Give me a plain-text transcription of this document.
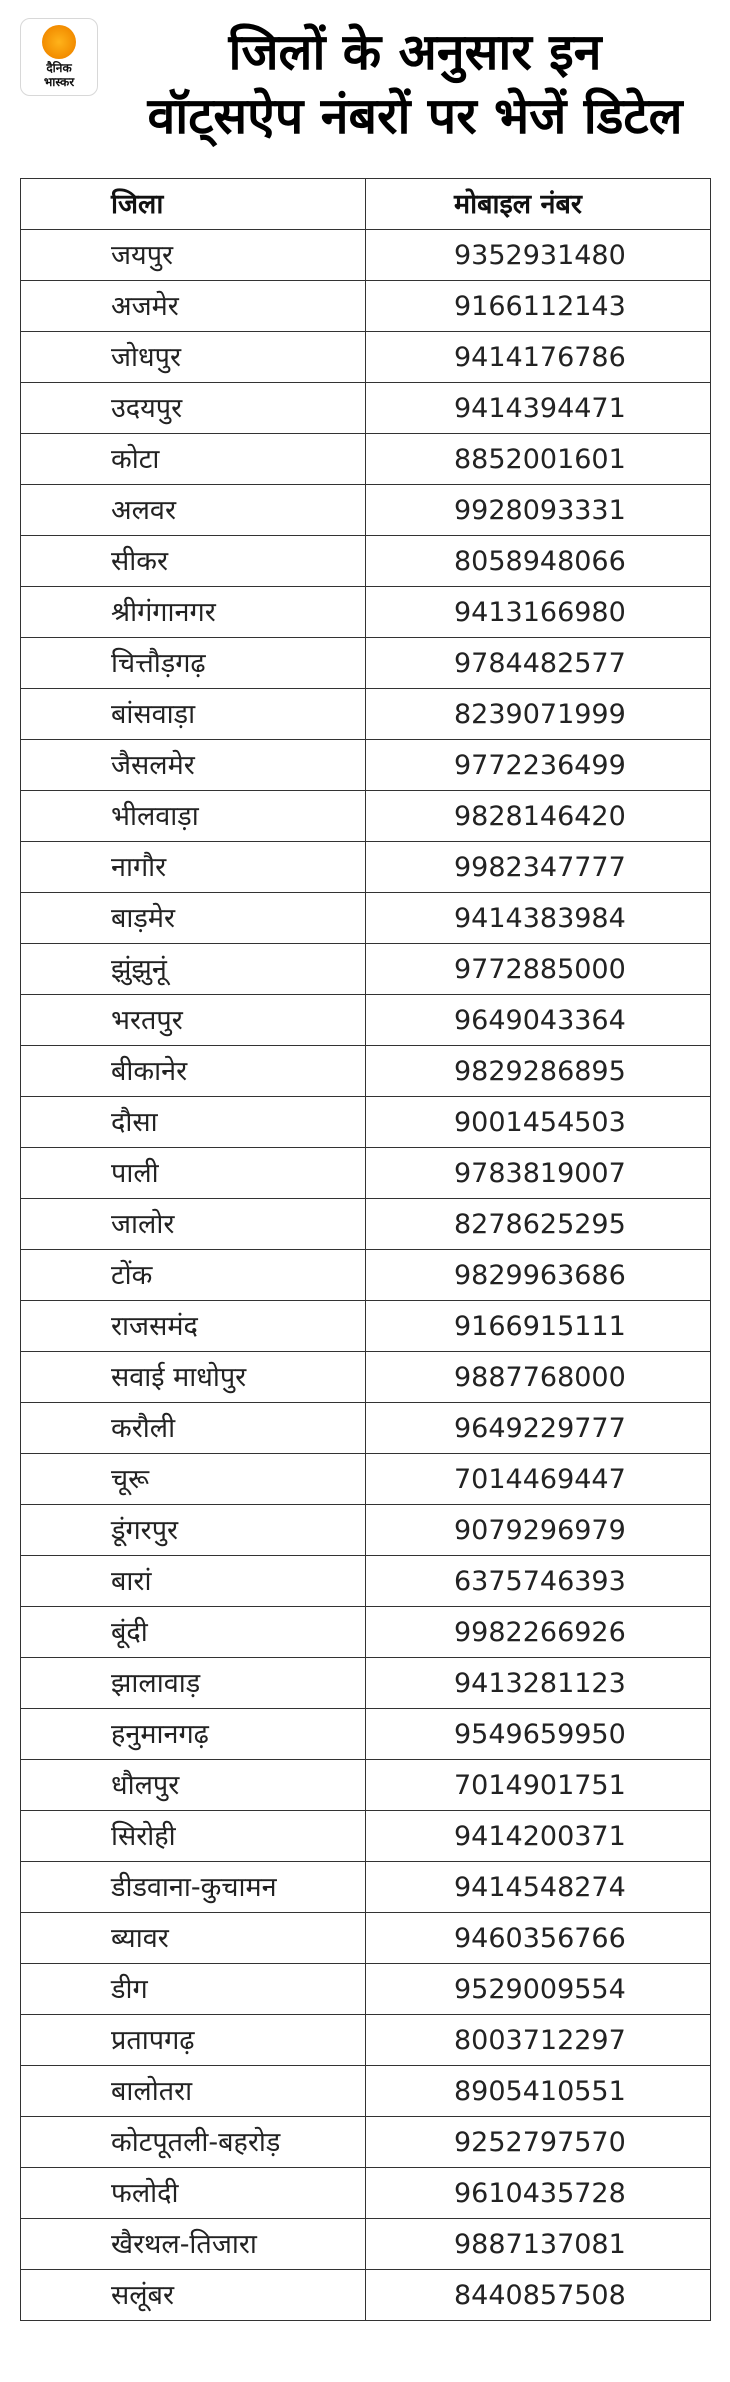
दैनिक
भास्कर
जिलों के अनुसार इन
वॉट्सऐप नंबरों पर भेजें डिटेल
जिला	मोबाइल नंबर
जयपुर	9352931480
अजमेर	9166112143
जोधपुर	9414176786
उदयपुर	9414394471
कोटा	8852001601
अलवर	9928093331
सीकर	8058948066
श्रीगंगानगर	9413166980
चित्तौड़गढ़	9784482577
बांसवाड़ा	8239071999
जैसलमेर	9772236499
भीलवाड़ा	9828146420
नागौर	9982347777
बाड़मेर	9414383984
झुंझुनूं	9772885000
भरतपुर	9649043364
बीकानेर	9829286895
दौसा	9001454503
पाली	9783819007
जालोर	8278625295
टोंक	9829963686
राजसमंद	9166915111
सवाई माधोपुर	9887768000
करौली	9649229777
चूरू	7014469447
डूंगरपुर	9079296979
बारां	6375746393
बूंदी	9982266926
झालावाड़	9413281123
हनुमानगढ़	9549659950
धौलपुर	7014901751
सिरोही	9414200371
डीडवाना-कुचामन	9414548274
ब्यावर	9460356766
डीग	9529009554
प्रतापगढ़	8003712297
बालोतरा	8905410551
कोटपूतली-बहरोड़	9252797570
फलोदी	9610435728
खैरथल-तिजारा	9887137081
सलूंबर	8440857508
